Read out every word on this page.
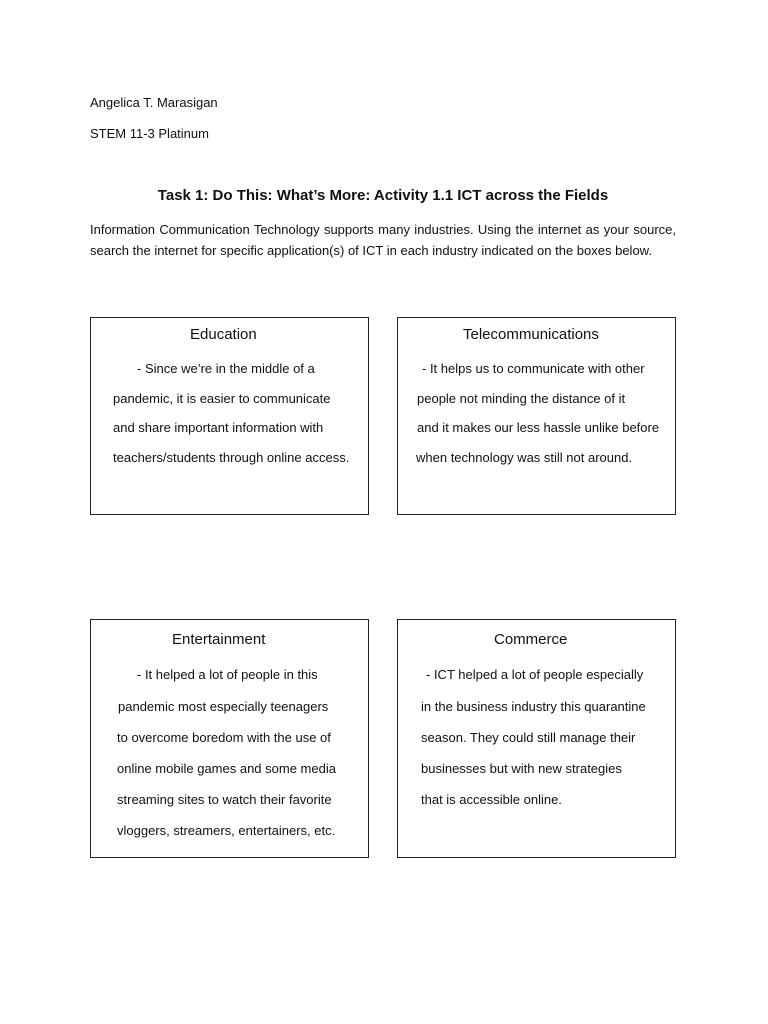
Angelica T. Marasigan
STEM 11-3 Platinum
Task 1: Do This: What’s More: Activity 1.1 ICT across the Fields
Information Communication Technology supports many industries. Using the internet as your source, search the internet for specific application(s) of ICT in each industry indicated on the boxes below.
Education
- Since we’re in the middle of a
pandemic, it is easier to communicate
and share important information with
teachers/students through online access.
Telecommunications
- It helps us to communicate with other
people not minding the distance of it
and it makes our less hassle unlike before
when technology was still not around.
Entertainment
- It helped a lot of people in this
pandemic most especially teenagers
to overcome boredom with the use of
online mobile games and some media
streaming sites to watch their favorite
vloggers, streamers, entertainers, etc.
Commerce
- ICT helped a lot of people especially
in the business industry this quarantine
season. They could still manage their
businesses but with new strategies
that is accessible online.
